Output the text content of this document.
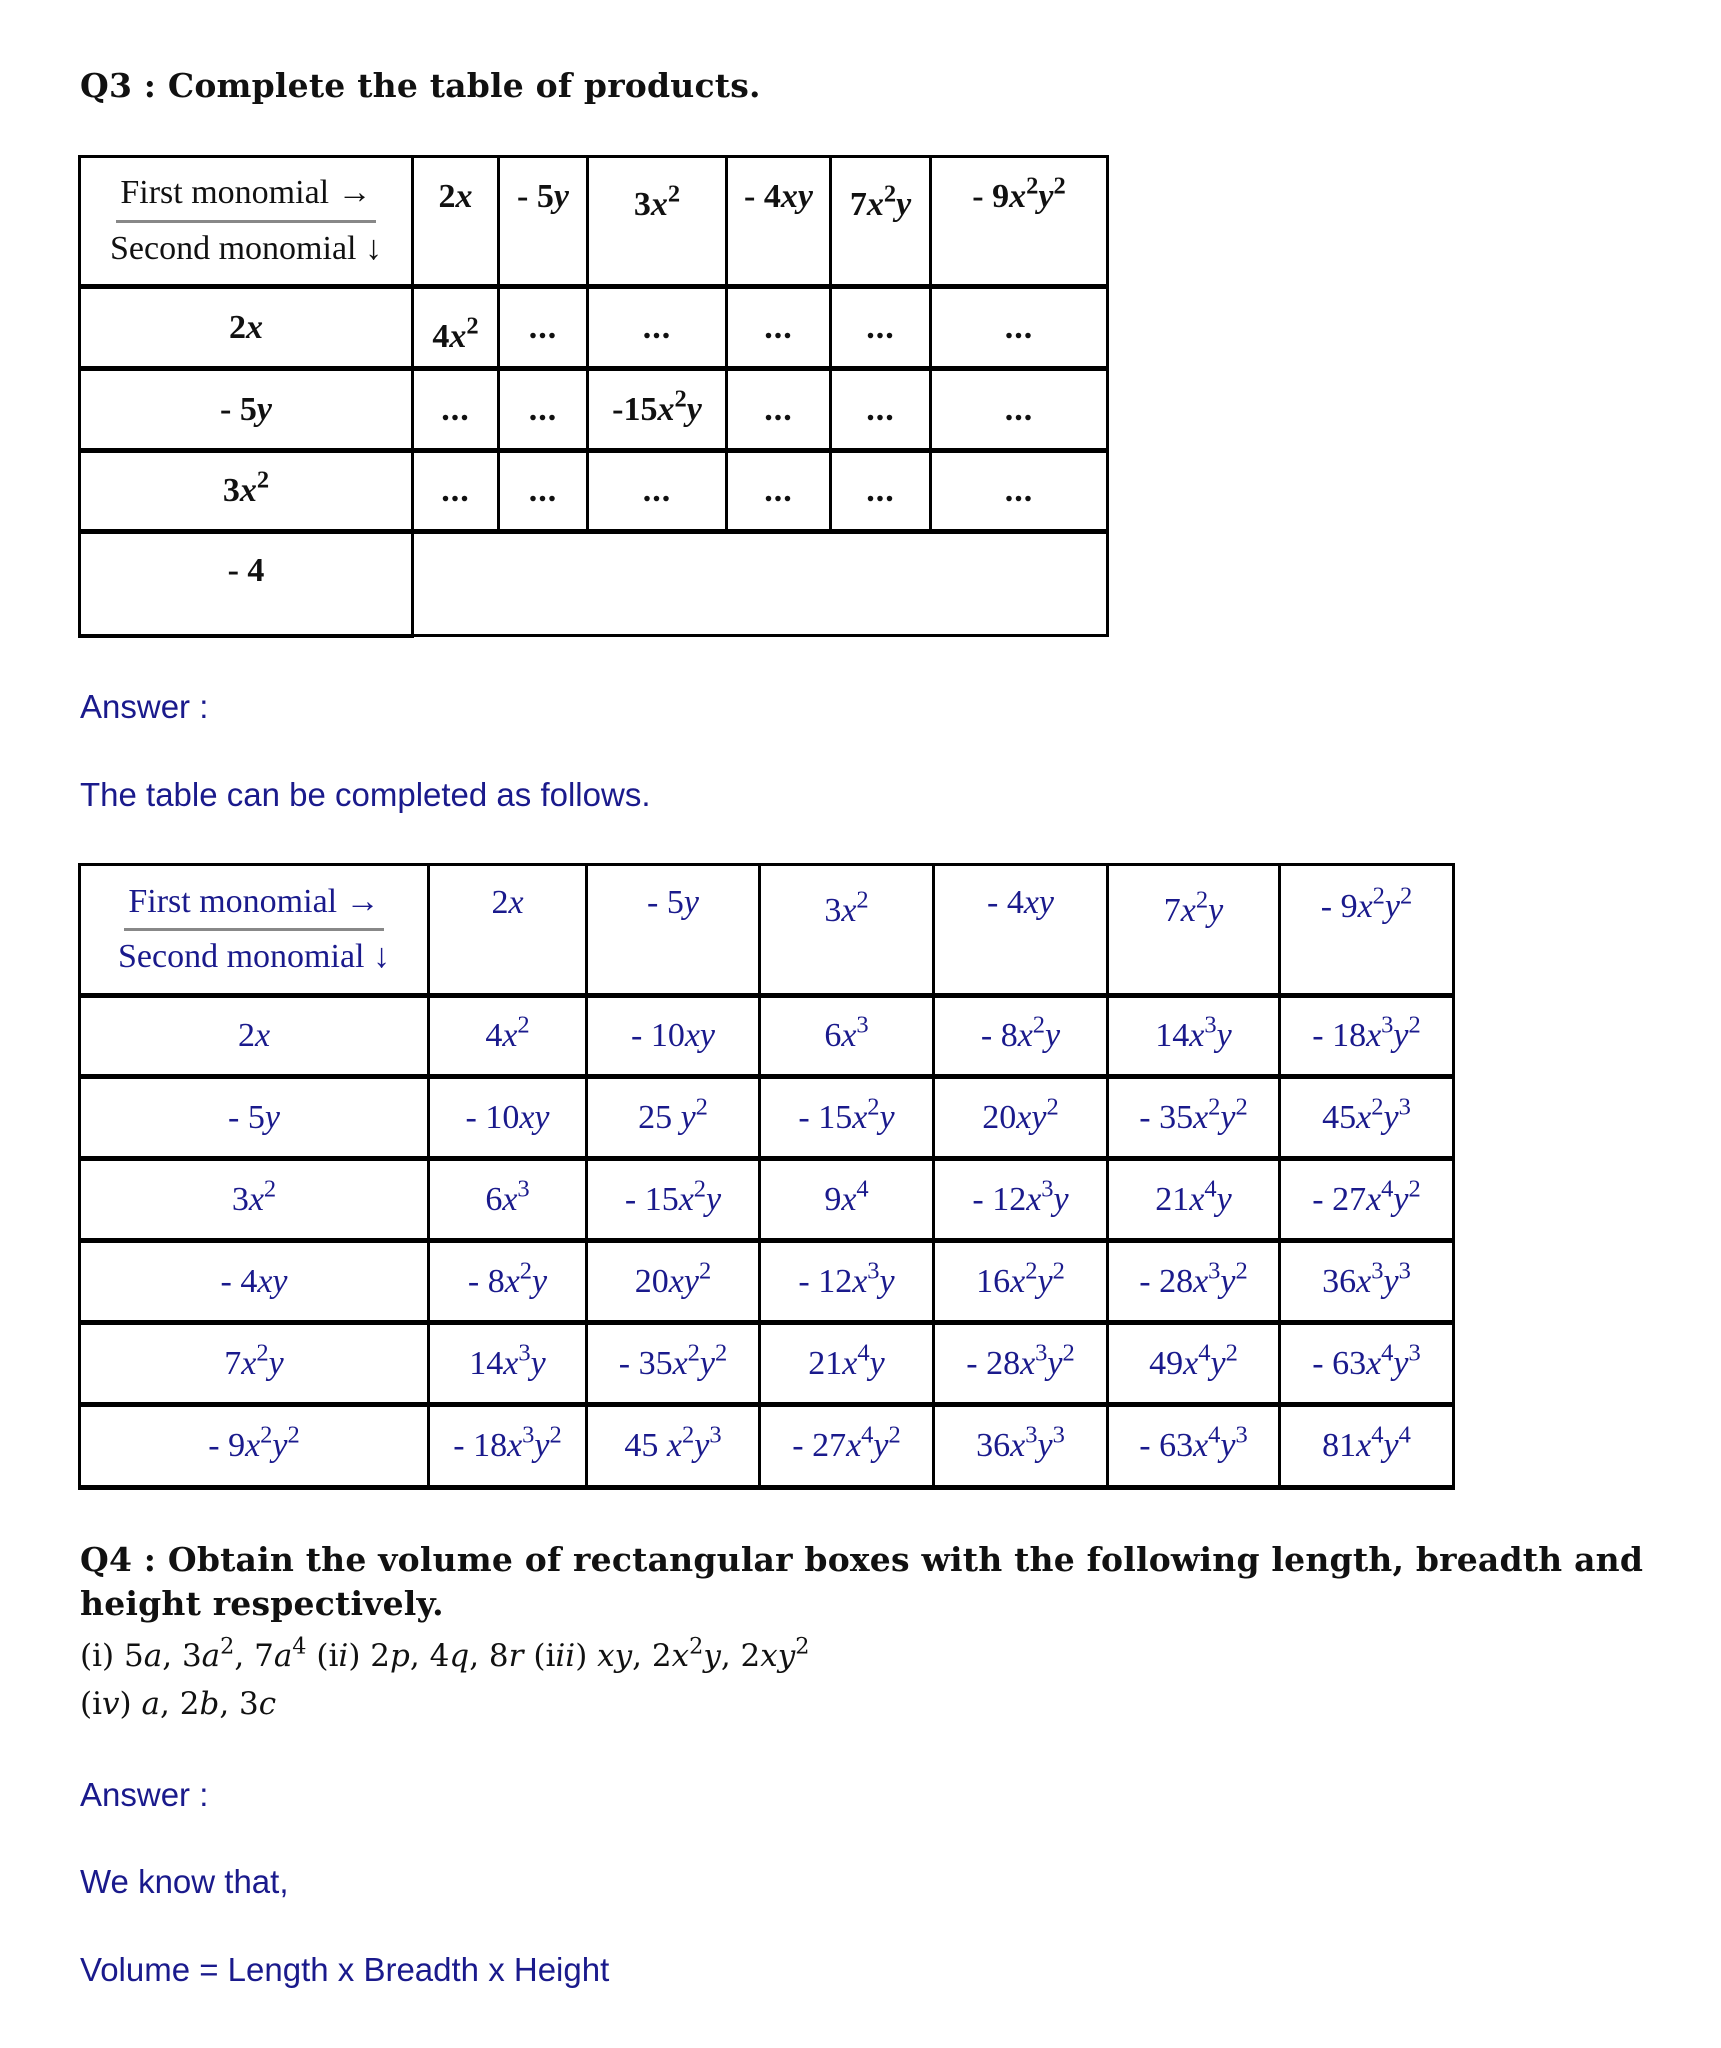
Q3 : Complete the table of products.
First monomial →
Second monomial ↓	2x	- 5y	$3x^2$	- 4xy	$7x^2y$	- $9x^2y^2$
2x	$4x^2$	...	...	...	...	...
- 5y	...	...	$-15x^2y$	...	...	...
$3x^2$	...	...	...	...	...	...
- 4						
Answer :
The table can be completed as follows.
First monomial →
Second monomial ↓	2x	- 5y	$3x^2$	- 4xy	$7x^2y$	- $9x^2y^2$
2x	$4x^2$	- 10xy	$6x^3$	- $8x^2y$	$14x^3y$	- $18x^3y^2$
- 5y	- 10xy	25 $y^2$	- $15x^2y$	$20xy^2$	- $35x^2y^2$	$45x^2y^3$
$3x^2$	$6x^3$	- $15x^2y$	$9x^4$	- $12x^3y$	$21x^4y$	- $27x^4y^2$
- 4xy	- $8x^2y$	$20xy^2$	- $12x^3y$	$16x^2y^2$	- $28x^3y^2$	$36x^3y^3$
$7x^2y$	$14x^3y$	- $35x^2y^2$	$21x^4y$	- $28x^3y^2$	$49x^4y^2$	- $63x^4y^3$
- $9x^2y^2$	- $18x^3y^2$	45 $x^2y^3$	- $27x^4y^2$	$36x^3y^3$	- $63x^4y^3$	$81x^4y^4$
Q4 : Obtain the volume of rectangular boxes with the following length, breadth and
height respectively.
(i) 5a, $3a^2$, $7a^4$ (ii) 2p, 4q, 8r (iii) xy, $2x^2y$, $2xy^2$
(iv) a, 2b, 3c
Answer :
We know that,
Volume = Length x Breadth x Height
